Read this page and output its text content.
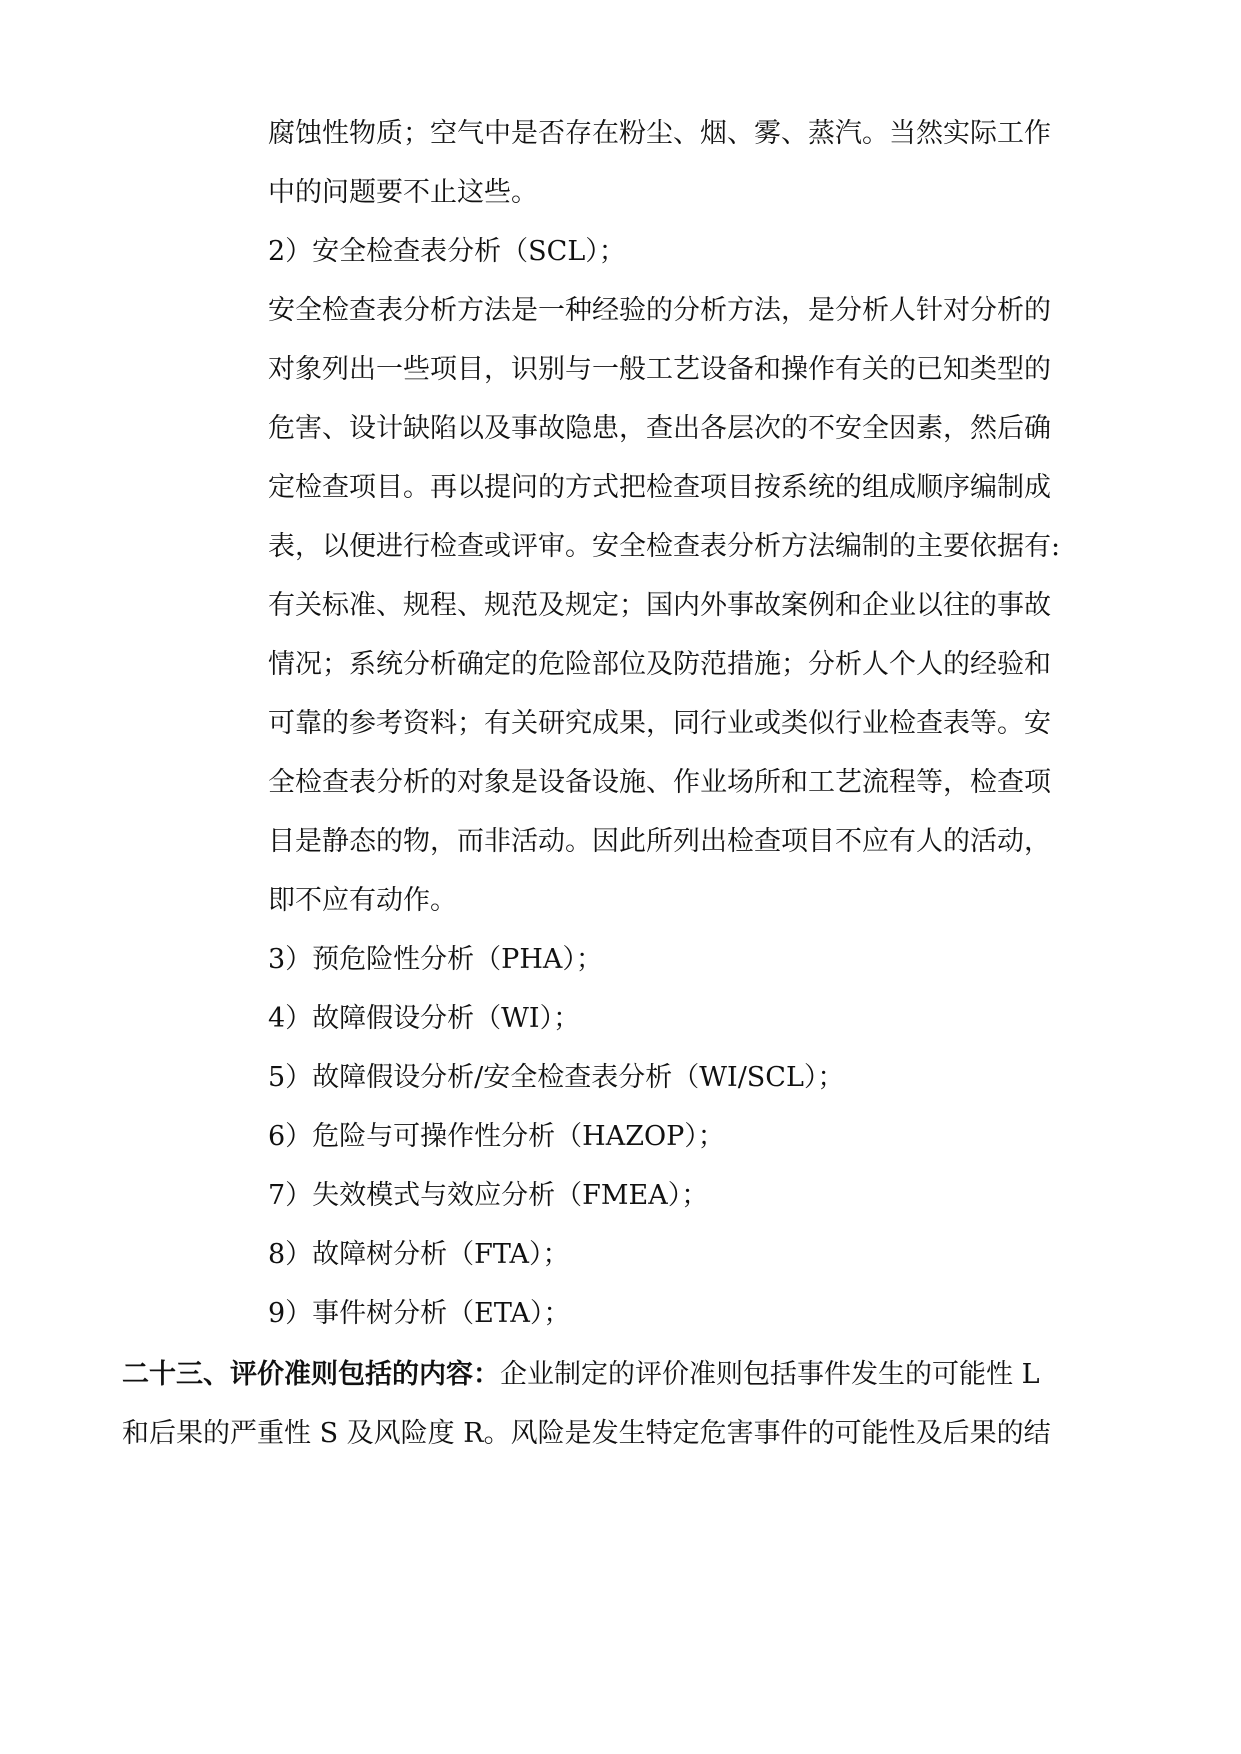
腐蚀性物质；空气中是否存在粉尘、烟、雾、蒸汽。当然实际工作
中的问题要不止这些。
2）安全检查表分析（SCL）；
安全检查表分析方法是一种经验的分析方法，是分析人针对分析的
对象列出一些项目，识别与一般工艺设备和操作有关的已知类型的
危害、设计缺陷以及事故隐患，查出各层次的不安全因素，然后确
定检查项目。再以提问的方式把检查项目按系统的组成顺序编制成
表，以便进行检查或评审。安全检查表分析方法编制的主要依据有:
有关标准、规程、规范及规定；国内外事故案例和企业以往的事故
情况；系统分析确定的危险部位及防范措施；分析人个人的经验和
可靠的参考资料；有关研究成果，同行业或类似行业检查表等。安
全检查表分析的对象是设备设施、作业场所和工艺流程等，检查项
目是静态的物，而非活动。因此所列出检查项目不应有人的活动，
即不应有动作。
3）预危险性分析（PHA）；
4）故障假设分析（WI）；
5）故障假设分析/安全检查表分析（WI/SCL）；
6）危险与可操作性分析（HAZOP）；
7）失效模式与效应分析（FMEA）；
8）故障树分析（FTA）；
9）事件树分析（ETA）；
二十三、评价准则包括的内容：企业制定的评价准则包括事件发生的可能性 L
和后果的严重性 S 及风险度 R。风险是发生特定危害事件的可能性及后果的结
